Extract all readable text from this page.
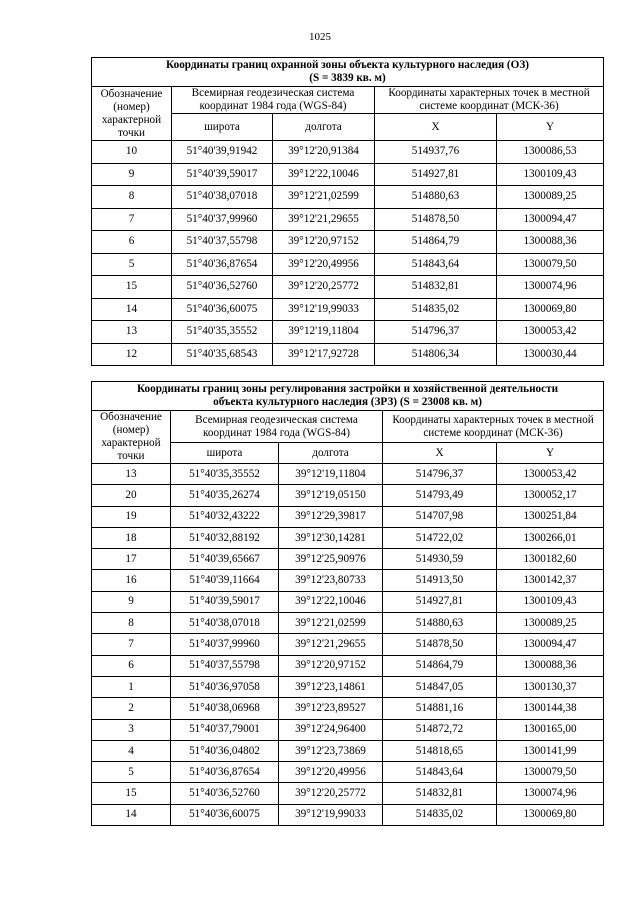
1025
Координаты границ охранной зоны объекта культурного наследия (ОЗ)
(S = 3839 кв. м)				

Обозначение (номер) характерной точки	Всемирная геодезическая система координат 1984 года (WGS-84)		Координаты характерных точек в местной системе координат (МСК-36)	
	широта	долгота	X	Y
10	51°40'39,91942	39°12'20,91384	514937,76	1300086,53
9	51°40'39,59017	39°12'22,10046	514927,81	1300109,43
8	51°40'38,07018	39°12'21,02599	514880,63	1300089,25
7	51°40'37,99960	39°12'21,29655	514878,50	1300094,47
6	51°40'37,55798	39°12'20,97152	514864,79	1300088,36
5	51°40'36,87654	39°12'20,49956	514843,64	1300079,50
15	51°40'36,52760	39°12'20,25772	514832,81	1300074,96
14	51°40'36,60075	39°12'19,99033	514835,02	1300069,80
13	51°40'35,35552	39°12'19,11804	514796,37	1300053,42
12	51°40'35,68543	39°12'17,92728	514806,34	1300030,44
Координаты границ зоны регулирования застройки и хозяйственной деятельности
объекта культурного наследия (ЗРЗ) (S = 23008 кв. м)				

Обозначение (номер) характерной точки	Всемирная геодезическая система координат 1984 года (WGS-84)		Координаты характерных точек в местной системе координат (МСК-36)	
	широта	долгота	X	Y
13	51°40'35,35552	39°12'19,11804	514796,37	1300053,42
20	51°40'35,26274	39°12'19,05150	514793,49	1300052,17
19	51°40'32,43222	39°12'29,39817	514707,98	1300251,84
18	51°40'32,88192	39°12'30,14281	514722,02	1300266,01
17	51°40'39,65667	39°12'25,90976	514930,59	1300182,60
16	51°40'39,11664	39°12'23,80733	514913,50	1300142,37
9	51°40'39,59017	39°12'22,10046	514927,81	1300109,43
8	51°40'38,07018	39°12'21,02599	514880,63	1300089,25
7	51°40'37,99960	39°12'21,29655	514878,50	1300094,47
6	51°40'37,55798	39°12'20,97152	514864,79	1300088,36
1	51°40'36,97058	39°12'23,14861	514847,05	1300130,37
2	51°40'38,06968	39°12'23,89527	514881,16	1300144,38
3	51°40'37,79001	39°12'24,96400	514872,72	1300165,00
4	51°40'36,04802	39°12'23,73869	514818,65	1300141,99
5	51°40'36,87654	39°12'20,49956	514843,64	1300079,50
15	51°40'36,52760	39°12'20,25772	514832,81	1300074,96
14	51°40'36,60075	39°12'19,99033	514835,02	1300069,80
